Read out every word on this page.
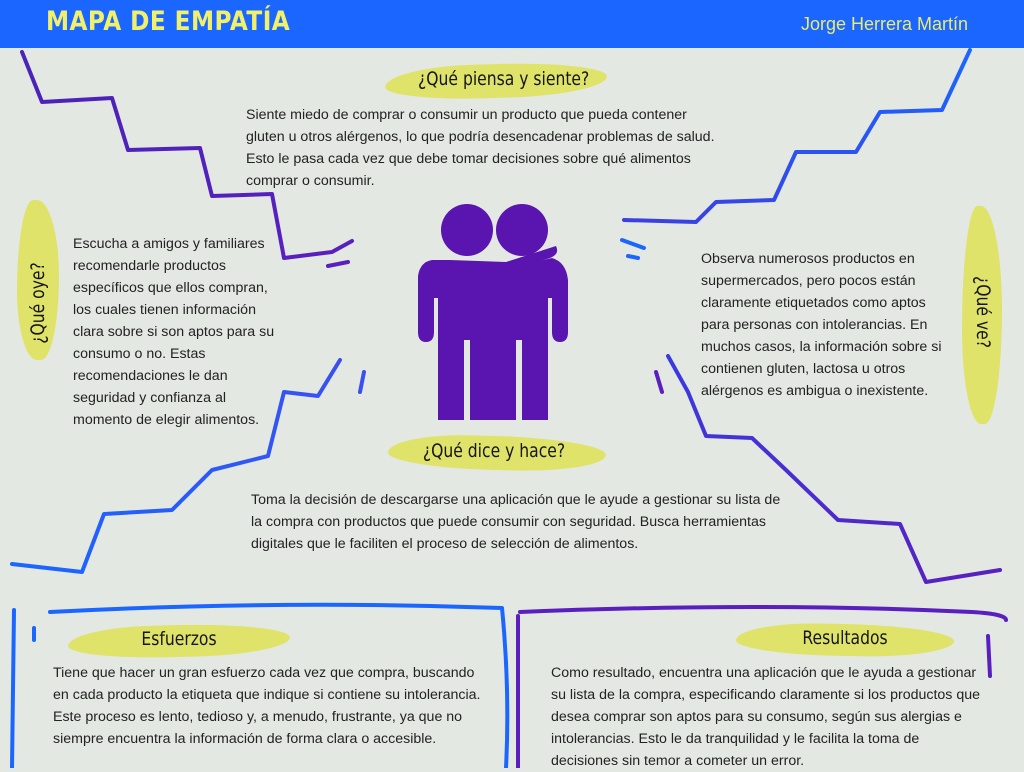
MAPA DE EMPATÍA	Jorge Herrera Martín
¿Qué piensa y siente?
Siente miedo de comprar o consumir un producto que pueda contener gluten u otros alérgenos, lo que podría desencadenar problemas de salud. Esto le pasa cada vez que debe tomar decisiones sobre qué alimentos comprar o consumir.
¿Qué oye?
Escucha a amigos y familiares recomendarle productos específicos que ellos compran, los cuales tienen información clara sobre si son aptos para su consumo o no. Estas recomendaciones le dan seguridad y confianza al momento de elegir alimentos.
¿Qué ve?
Observa numerosos productos en supermercados, pero pocos están claramente etiquetados como aptos para personas con intolerancias. En muchos casos, la información sobre si contienen gluten, lactosa u otros alérgenos es ambigua o inexistente.
¿Qué dice y hace?
Toma la decisión de descargarse una aplicación que le ayude a gestionar su lista de la compra con productos que puede consumir con seguridad. Busca herramientas digitales que le faciliten el proceso de selección de alimentos.
Esfuerzos
Tiene que hacer un gran esfuerzo cada vez que compra, buscando en cada producto la etiqueta que indique si contiene su intolerancia. Este proceso es lento, tedioso y, a menudo, frustrante, ya que no siempre encuentra la información de forma clara o accesible.
Resultados
Como resultado, encuentra una aplicación que le ayuda a gestionar su lista de la compra, especificando claramente si los productos que desea comprar son aptos para su consumo, según sus alergias e intolerancias. Esto le da tranquilidad y le facilita la toma de decisiones sin temor a cometer un error.
